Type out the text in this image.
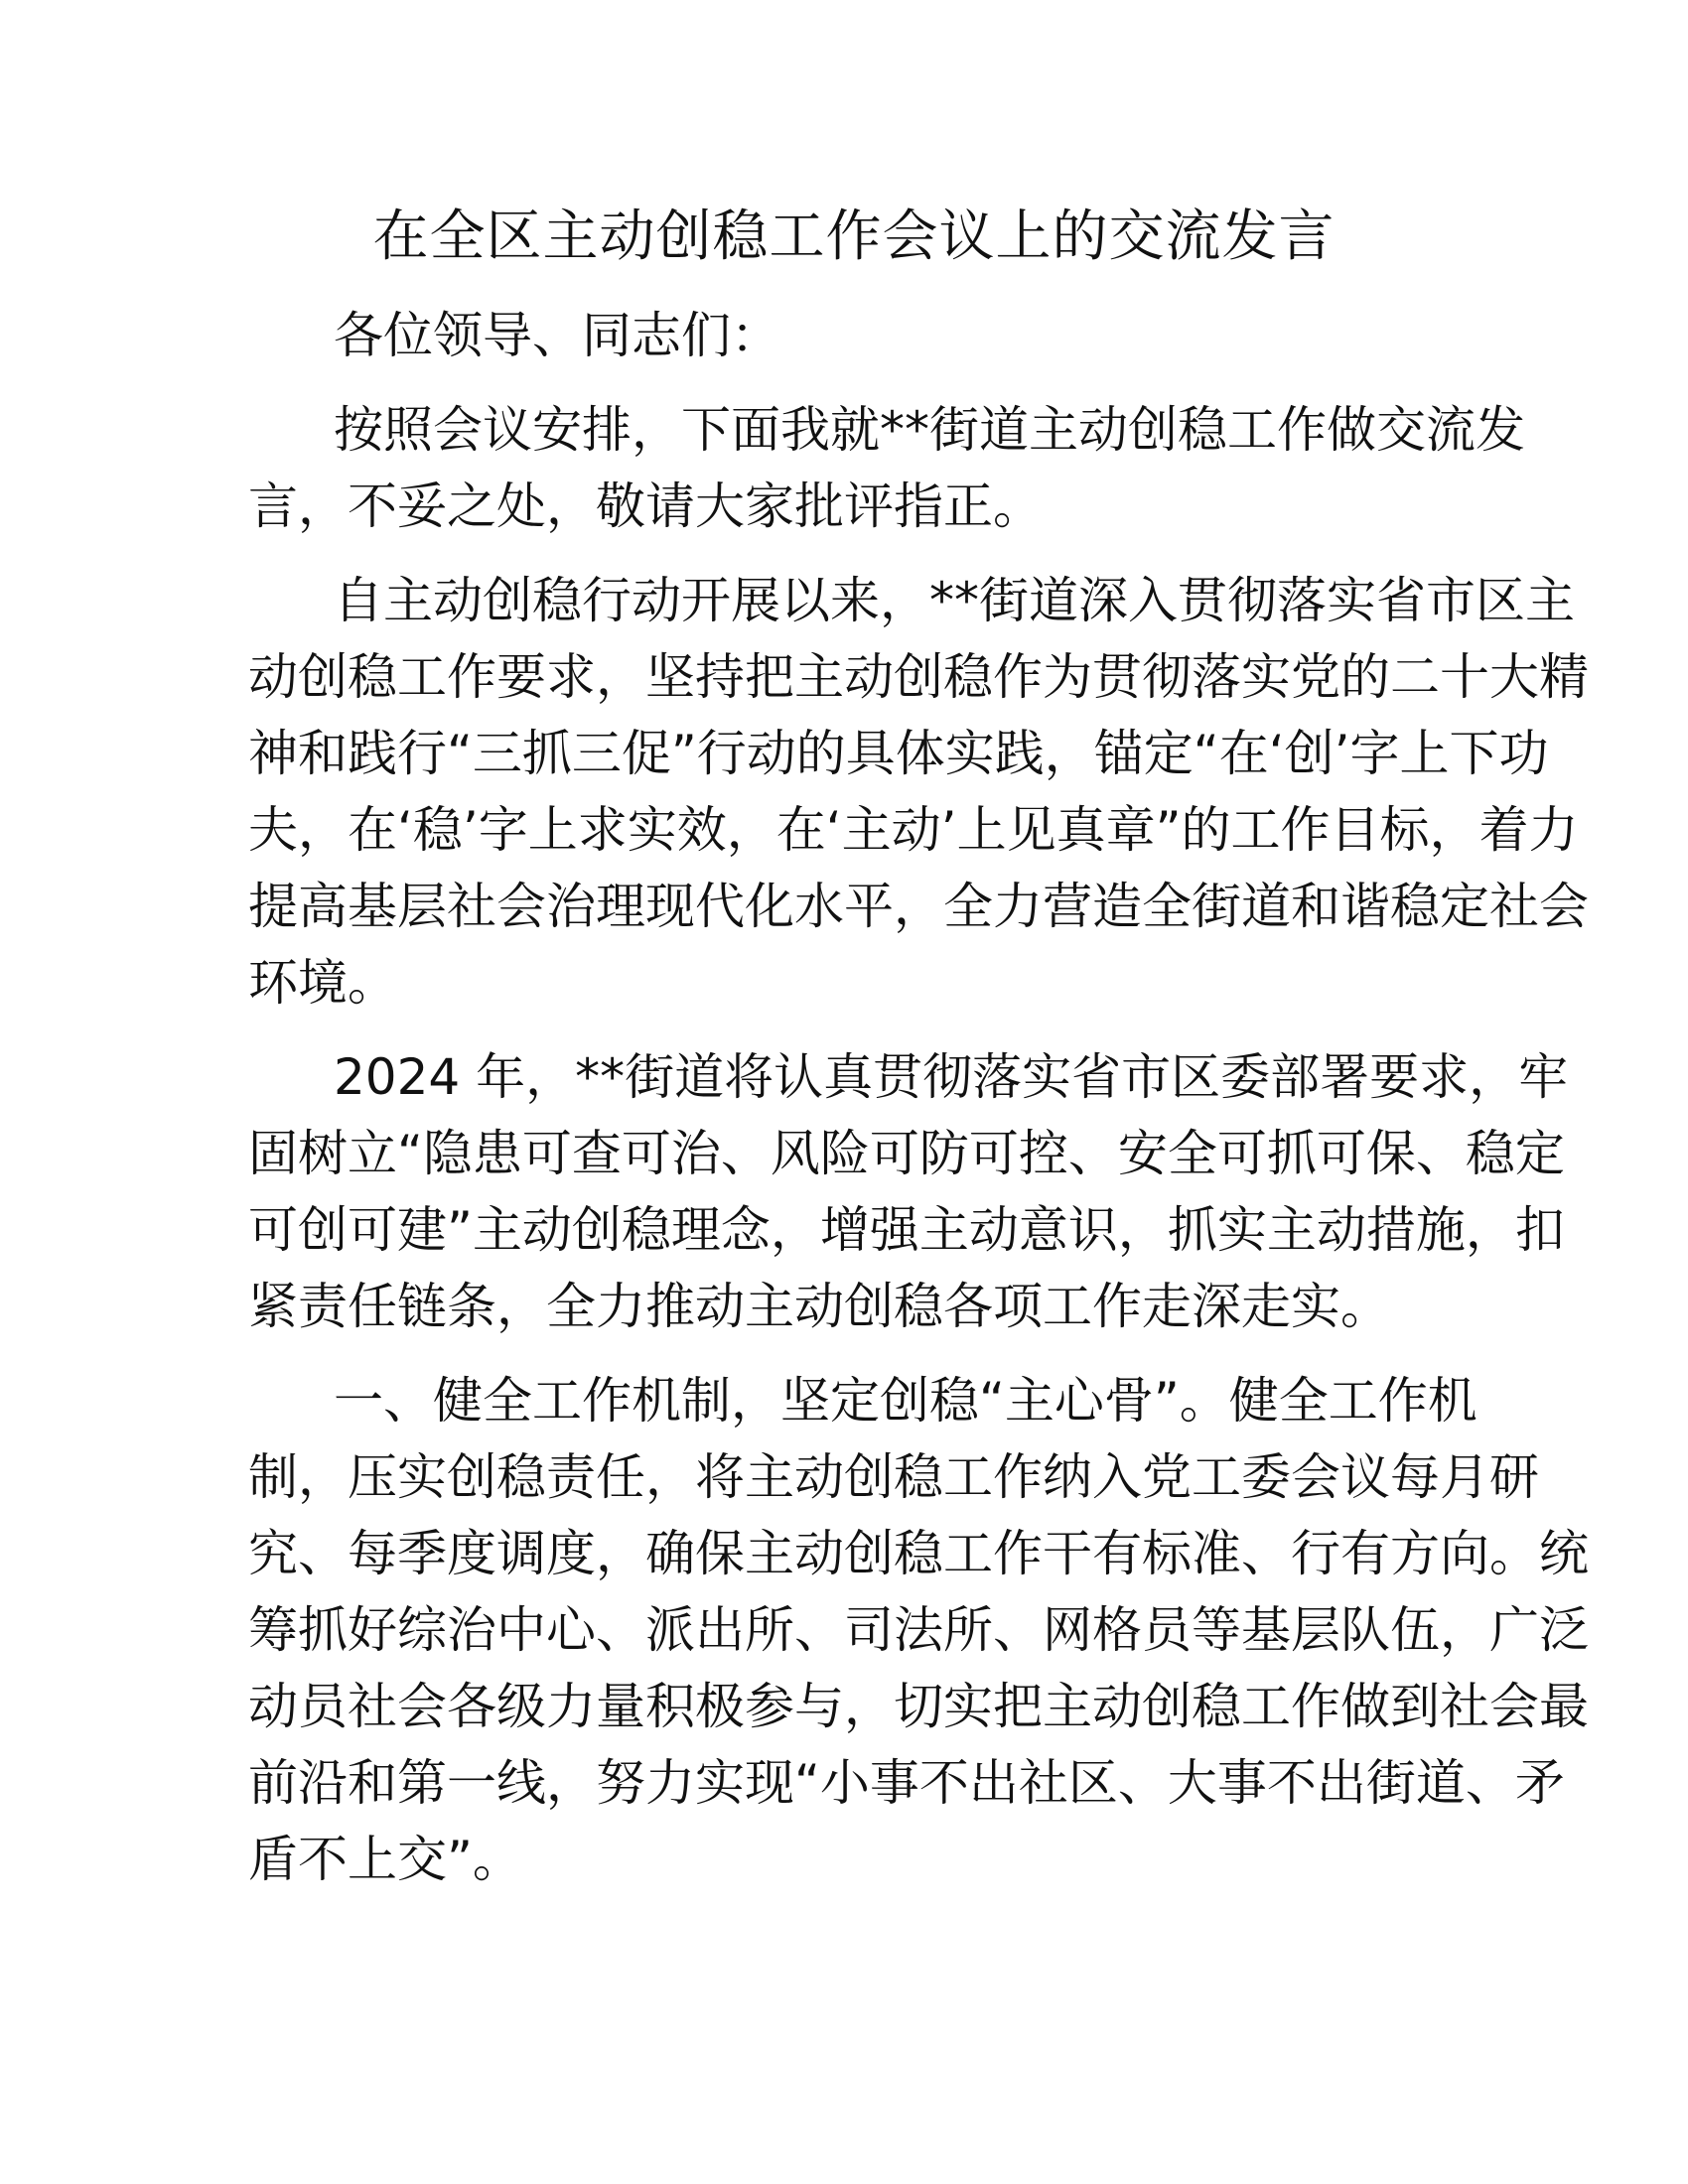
在全区主动创稳工作会议上的交流发言
各位领导、同志们：
按照会议安排，下面我就**街道主动创稳工作做交流发
言，不妥之处，敬请大家批评指正。
自主动创稳行动开展以来，**街道深入贯彻落实省市区主
动创稳工作要求，坚持把主动创稳作为贯彻落实党的二十大精
神和践行“三抓三促”行动的具体实践，锚定“在‘创’字上下功
夫，在‘稳’字上求实效，在‘主动’上见真章”的工作目标，着力
提高基层社会治理现代化水平，全力营造全街道和谐稳定社会
环境。
2024 年，**街道将认真贯彻落实省市区委部署要求，牢
固树立“隐患可查可治、风险可防可控、安全可抓可保、稳定
可创可建”主动创稳理念，增强主动意识，抓实主动措施，扣
紧责任链条，全力推动主动创稳各项工作走深走实。
一、健全工作机制，坚定创稳“主心骨”。健全工作机
制，压实创稳责任，将主动创稳工作纳入党工委会议每月研
究、每季度调度，确保主动创稳工作干有标准、行有方向。统
筹抓好综治中心、派出所、司法所、网格员等基层队伍，广泛
动员社会各级力量积极参与，切实把主动创稳工作做到社会最
前沿和第一线，努力实现“小事不出社区、大事不出街道、矛
盾不上交”。
